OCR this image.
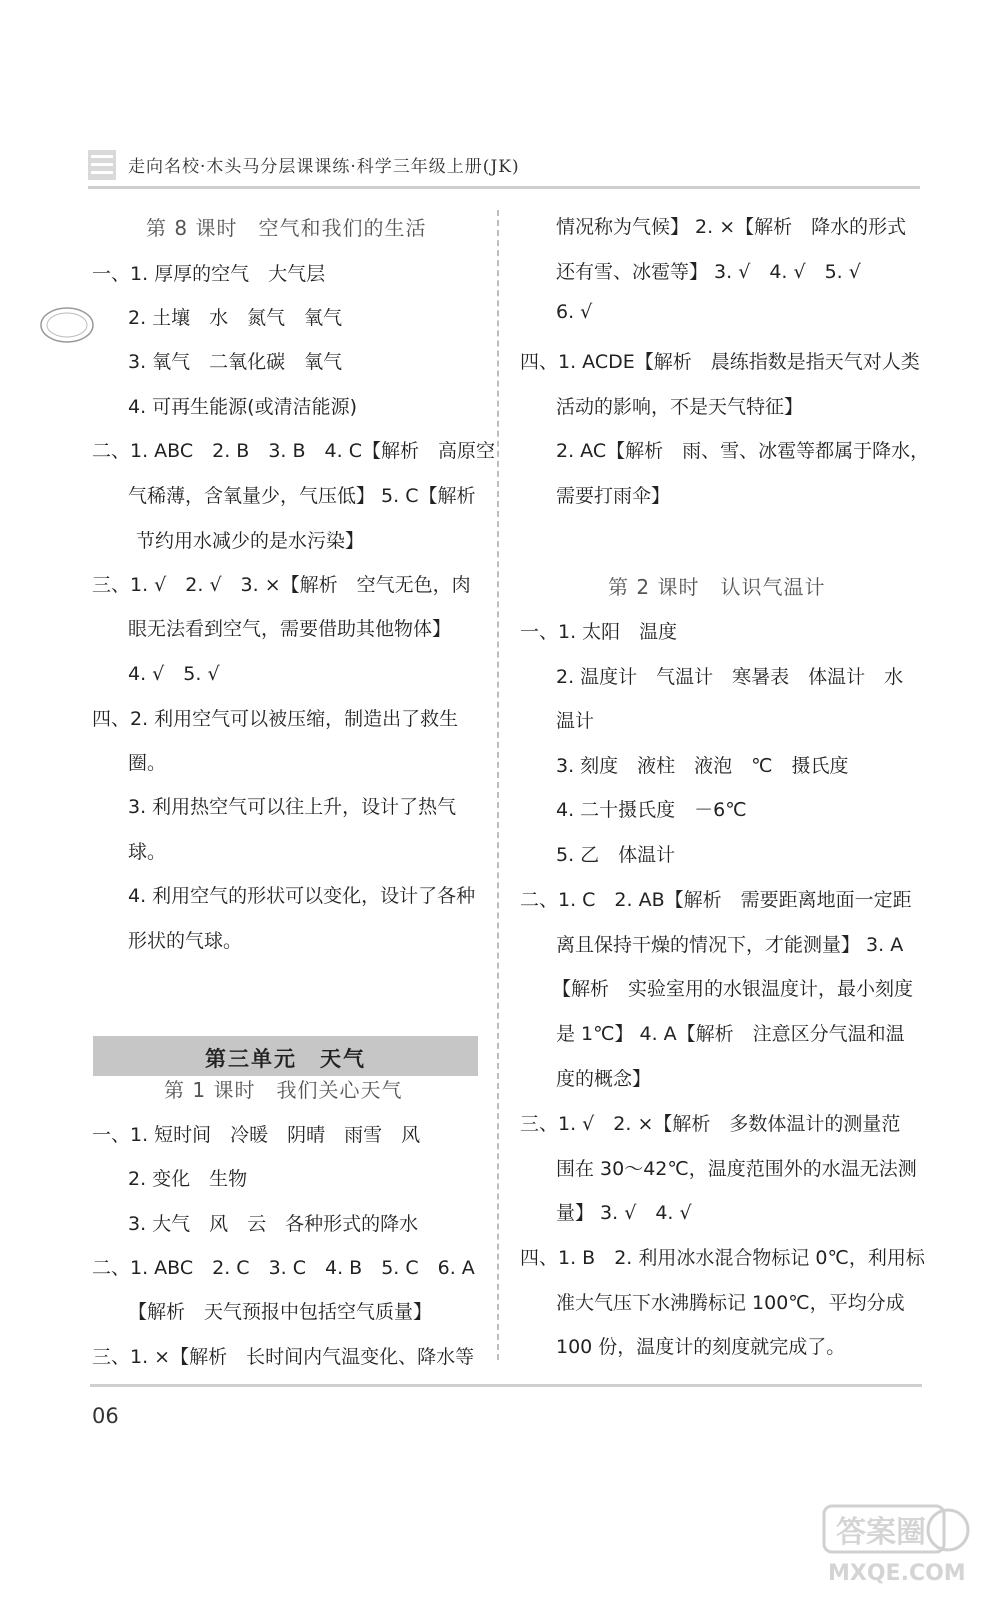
走向名校·木头马分层课课练·科学三年级上册(JK)
第 8 课时　空气和我们的生活
一、1. 厚厚的空气　大气层
2. 土壤　水　氮气　氧气
3. 氧气　二氧化碳　氧气
4. 可再生能源(或清洁能源)
二、1. ABC　2. B　3. B　4. C【解析　高原空
气稀薄，含氧量少，气压低】 5. C【解析
节约用水减少的是水污染】
三、1. √　2. √　3. ×【解析　空气无色，肉
眼无法看到空气，需要借助其他物体】
4. √　5. √
四、2. 利用空气可以被压缩，制造出了救生
圈。
3. 利用热空气可以往上升，设计了热气
球。
4. 利用空气的形状可以变化，设计了各种
形状的气球。
第三单元　天气
第 1 课时　我们关心天气
一、1. 短时间　冷暖　阴晴　雨雪　风
2. 变化　生物
3. 大气　风　云　各种形式的降水
二、1. ABC　2. C　3. C　4. B　5. C　6. A
【解析　天气预报中包括空气质量】
三、1. ×【解析　长时间内气温变化、降水等
情况称为气候】 2. ×【解析　降水的形式
还有雪、冰雹等】 3. √　4. √　5. √
6. √
四、1. ACDE【解析　晨练指数是指天气对人类
活动的影响，不是天气特征】
2. AC【解析　雨、雪、冰雹等都属于降水，
需要打雨伞】
第 2 课时　认识气温计
一、1. 太阳　温度
2. 温度计　气温计　寒暑表　体温计　水
温计
3. 刻度　液柱　液泡　℃　摄氏度
4. 二十摄氏度　－6℃
5. 乙　体温计
二、1. C　2. AB【解析　需要距离地面一定距
离且保持干燥的情况下，才能测量】 3. A
【解析　实验室用的水银温度计，最小刻度
是 1℃】 4. A【解析　注意区分气温和温
度的概念】
三、1. √　2. ×【解析　多数体温计的测量范
围在 30～42℃，温度范围外的水温无法测
量】 3. √　4. √
四、1. B　2. 利用冰水混合物标记 0℃，利用标
准大气压下水沸腾标记 100℃，平均分成
100 份，温度计的刻度就完成了。
06
答案圈
MXQE.COM
